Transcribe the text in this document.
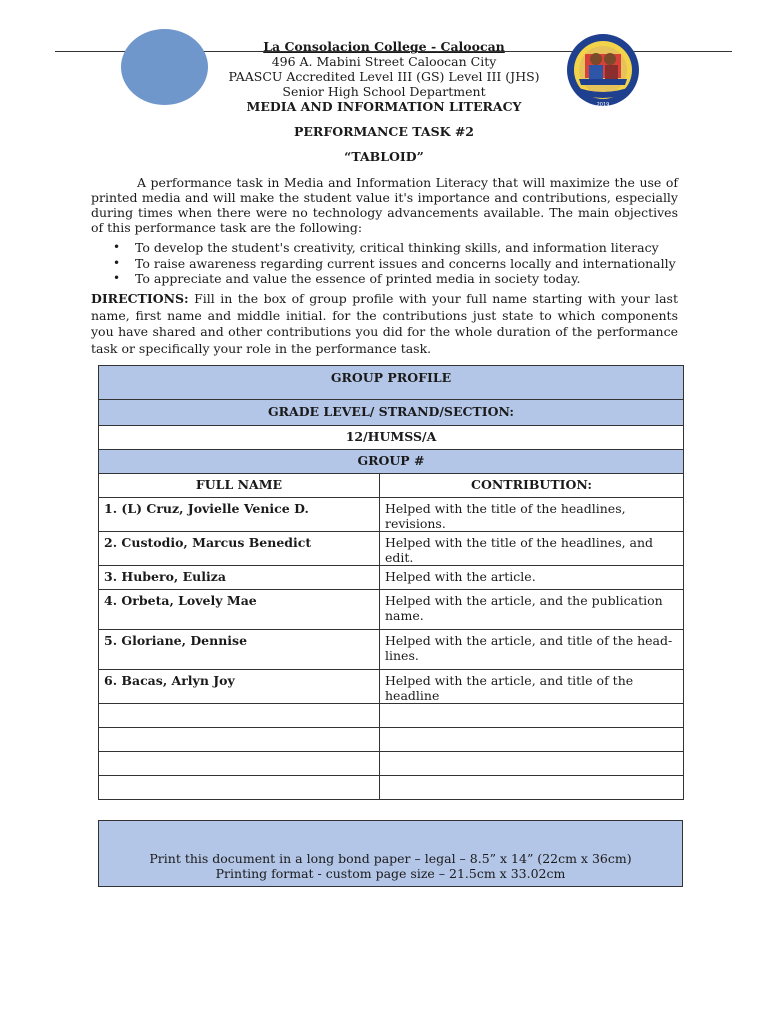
2019
La Consolacion College - Caloocan
496 A. Mabini Street Caloocan City
PAASCU Accredited Level III (GS) Level III (JHS)
Senior High School Department
MEDIA AND INFORMATION LITERACY
PERFORMANCE TASK #2
“TABLOID”
A performance task in Media and Information Literacy that will maximize the use of printed media and will make the student value it's importance and contributions, especially during times when there were no technology advancements available. The main objectives of this performance task are the following:
• To develop the student's creativity, critical thinking skills, and information literacy
• To raise awareness regarding current issues and concerns locally and internationally
• To appreciate and value the essence of printed media in society today.
DIRECTIONS: Fill in the box of group profile with your full name starting with your last name, first name and middle initial. for the contributions just state to which components you have shared and other contributions you did for the whole duration of the performance task or specifically your role in the performance task.
GROUP PROFILE	
GRADE LEVEL/ STRAND/SECTION:	
12/HUMSS/A	
GROUP #	
FULL NAME	CONTRIBUTION:
1. (L) Cruz, Jovielle Venice D.	Helped with the title of the headlines, revisions.
2. Custodio, Marcus Benedict	Helped with the title of the headlines, and edit.
3. Hubero, Euliza	Helped with the article.
4. Orbeta, Lovely Mae	Helped with the article, and the publication name.
5. Gloriane, Dennise	Helped with the article, and title of the head-lines.
6. Bacas, Arlyn Joy	Helped with the article, and title of the headline

Print this document in a long bond paper – legal – 8.5” x 14” (22cm x 36cm)
Printing format - custom page size – 21.5cm x 33.02cm
